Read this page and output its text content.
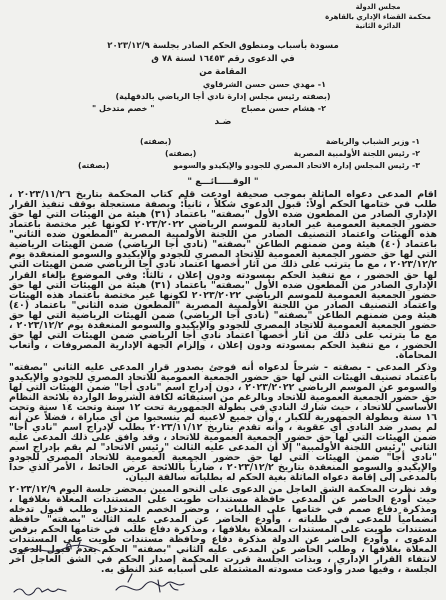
مجلس الدولة
محكمة القضاء الإداري بالقاهرة
الدائرة الثانية
مسودة بأسباب ومنطوق الحكم الصادر بجلسة ٢٠٢٣/١٢/٩
في الدعوى رقم ١٦٤٥٣ لسنة ٧٨ ق
المقامة من
١- مهدي حسن حسن الشرقاوي
(بصفته رئيس مجلس إدارة نادي أجا الرياضي بالدقهلية)
٢- هشام حسن مصباح
" خصم متدخل "
ضـد
١- وزير الشباب والرياضة
(بصفته)
٢- رئيس اللجنة الأولمبية المصرية
(بصفته)
٣- رئيس المجلس إدارة الاتحاد المصري للجودو والإيكيدو والسومو
(بصفته)
" الوقـــــائـــع "

أقام المدعى دعواه الماثلة بموجب صحيفة أودعت قلم كتاب المحكمة بتاريخ ٢٠٢٣/١١/٢٦ ، طلب في ختامها الحكم أولاً: قبول الدعوى شكلاً ، ثانياً: وبصفة مستعجلة بوقف تنفيذ القرار الإداري الصادر من المطعون ضده الأول "بصفته" باعتماد (٣١) هيئة من الهيئات التي لها حق حضور الجمعية العمومية غير العادية للموسم الرياضي ٢٠٢٣/٢٠٢٢ لكونها غير مختصة باعتماد هذه الهيئات واعتماد التصنيف الصادر من اللجنة الأولمبية المصرية "المطعون ضده الثاني" باعتماد (٤٠) هيئة ومن ضمنهم الطاعن "بصفته" (نادي أجا الرياضي) ضمن الهيئات الرياضية التي لها حق حضور الجمعية العمومية للاتحاد المصري للجودو والإيكيدو والسومو المنعقدة يوم ٢٠٢٣/١٢/٢ ، مع ما يترتب على ذلك من آثار أخصها اعتماد نادي أجا الرياضي ضمن الهيئات التي لها حق الحضور ، مع تنفيذ الحكم بمسودته ودون إعلان ، ثالثاً: وفي الموضوع بإلغاء القرار الإداري الصادر من المطعون ضده الأول "بصفته" باعتماد (٣١) هيئة من الهيئات التي لها حق حضور الجمعية العمومية للموسم الرياضي ٢٠٢٣/٢٠٢٢ لكونها غير مختصة باعتماد هذه الهيئات واعتماد التصنيف الصادر من اللجنة الأولمبية المصرية "المطعون ضده الثاني" باعتماد (٤٠) هيئة ومن ضمنهم الطاعن "بصفته" (نادي أجا الرياضي) ضمن الهيئات الرياضية التي لها حق حضور الجمعية العمومية للاتحاد المصري للجودو والإيكيدو والسومو المنعقدة يوم ٢٠٢٣/١٢/٢ ، مع ما يترتب على ذلك من آثار أخصها اعتماد نادي أجا الرياضي ضمن الهيئات التي لها حق الحضور ، مع تنفيذ الحكم بمسودته ودون إعلان ، وإلزام الجهة الإدارية المصروفات ، وأتعاب المحاماة.

وذكر المدعى - بصفته - شرحاً لدعواه أنه فوجئ بصدور قرار المدعى عليه الثاني "بصفته" باعتماد تصنيف الهيئات التي لها حق حضور الجمعية العمومية للاتحاد المصري للجودو والإيكيدو والسومو عن الموسم الرياضي ٢٠٢٣/٢٠٢٢ ، دون إدراج اسم "نادي أجا" ضمن الهيئات التي لها حق حضور الجمعية العمومية للاتحاد وبالرغم من استيفائه لكافة الشروط الواردة بلائحة النظام الأساسي للاتحاد ، حيث شارك النادي في بطولة الجمهورية تحت ١٢ سنة وتحت ١٤ سنة وتحت ١٦ سنة وبطولة الجمهورية للكبار ، وأن جميع لاعبيه لم ينسحبوا من أي مباراة ، فضلاً عن أنه لم يصدر ضد النادي أي عقوبة ، وأنه تقدم بتاريخ ٢٠٢٣/١١/١٢ بطلب لإدراج اسم "نادي أجا" ضمن الهيئات التي لها حق حضور الجمعية العمومية للاتحاد ، وقد وافق على ذلك المدعى عليه الثاني "رئيس اللجنة الأولمبية" إلا أن المدعى عليه الثالث "رئيس الاتحاد" لم يقم بإدراج اسم "نادي أجا" ضمن الهيئات التي لها حق حضور الجمعية العمومية للاتحاد المصري للجودو والإيكيدو والسومو المنعقدة بتاريخ ٢٠٢٣/١٢/٢ ، ضارباً باللائحة عرض الحائط ، الأمر الذي حدا بالمدعى إلى إقامة دعواه الماثلة بغية الحكم له بطلباته سالفة البيان.

وقد نظرت المحكمة الشق العاجل من الدعوى على النحو المبين بمحضر جلسة اليوم ٢٠٢٣/١٢/٩ حيث أودع الحاضر عن المدعى حافظة مستندات طويت على المستندات المعلاة بغلافها ، ومذكرة دفاع صمم في ختامها على الطلبات ، وحضر الخصم المتدخل وطلب قبول تدخله انضمامياً للمدعى في طلباته ، وأودع الحاضر عن المدعى عليه الثالث "بصفته" حافظة مستندات طويت على المستندات المعلاة بغلافها ، ومذكرة دفاع طلب في ختامها الحكم برفض الدعوى ، وأودع الحاضر عن الدولة مذكرة دفاع وحافظة مستندات طويت على المستندات المعلاة بغلافها ، وطلب الحاضر عن المدعى عليه الثاني "بصفته" الحكم بعدم قبول الدعوى لانتفاء القرار الإداري ، وبذات الجلسة قررت المحكمة إصدار الحكم في الشق العاجل آخر الجلسة ، وفيها صدر وأودعت مسودته المشتملة على أسبابه عند النطق به.
